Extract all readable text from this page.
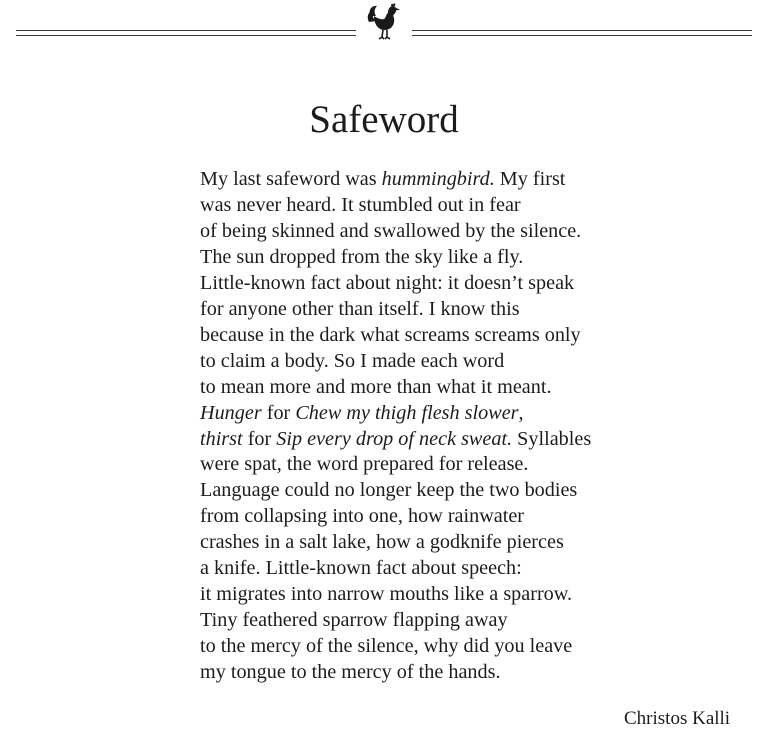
Safeword
My last safeword was hummingbird. My first
was never heard. It stumbled out in fear
of being skinned and swallowed by the silence.
The sun dropped from the sky like a fly.
Little-known fact about night: it doesn’t speak
for anyone other than itself. I know this
because in the dark what screams screams only
to claim a body. So I made each word
to mean more and more than what it meant.
Hunger for Chew my thigh flesh slower,
thirst for Sip every drop of neck sweat. Syllables
were spat, the word prepared for release.
Language could no longer keep the two bodies
from collapsing into one, how rainwater
crashes in a salt lake, how a godknife pierces
a knife. Little-known fact about speech:
it migrates into narrow mouths like a sparrow.
Tiny feathered sparrow flapping away
to the mercy of the silence, why did you leave
my tongue to the mercy of the hands.
Christos Kalli
